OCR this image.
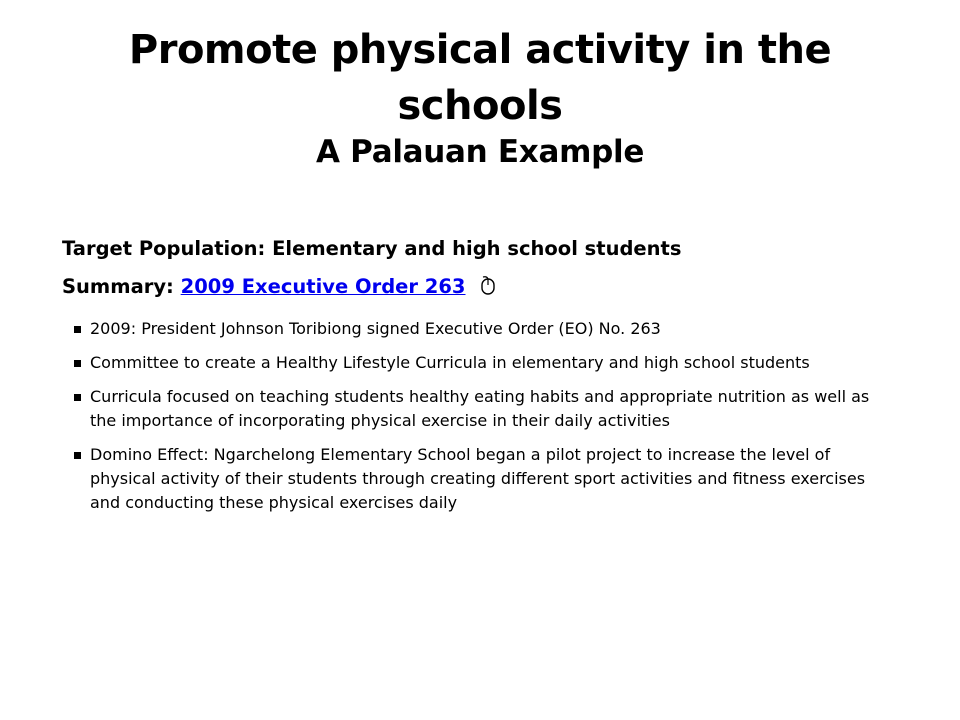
Promote physical activity in the schools
A Palauan Example
Target Population: Elementary and high school students
Summary: 2009 Executive Order 263
2009: President Johnson Toribiong signed Executive Order (EO) No. 263
Committee to create a Healthy Lifestyle Curricula in elementary and high school students
Curricula focused on teaching students healthy eating habits and appropriate nutrition as well as the importance of incorporating physical exercise in their daily activities
Domino Effect: Ngarchelong Elementary School began a pilot project to increase the level of physical activity of their students through creating different sport activities and fitness exercises and conducting these physical exercises daily
